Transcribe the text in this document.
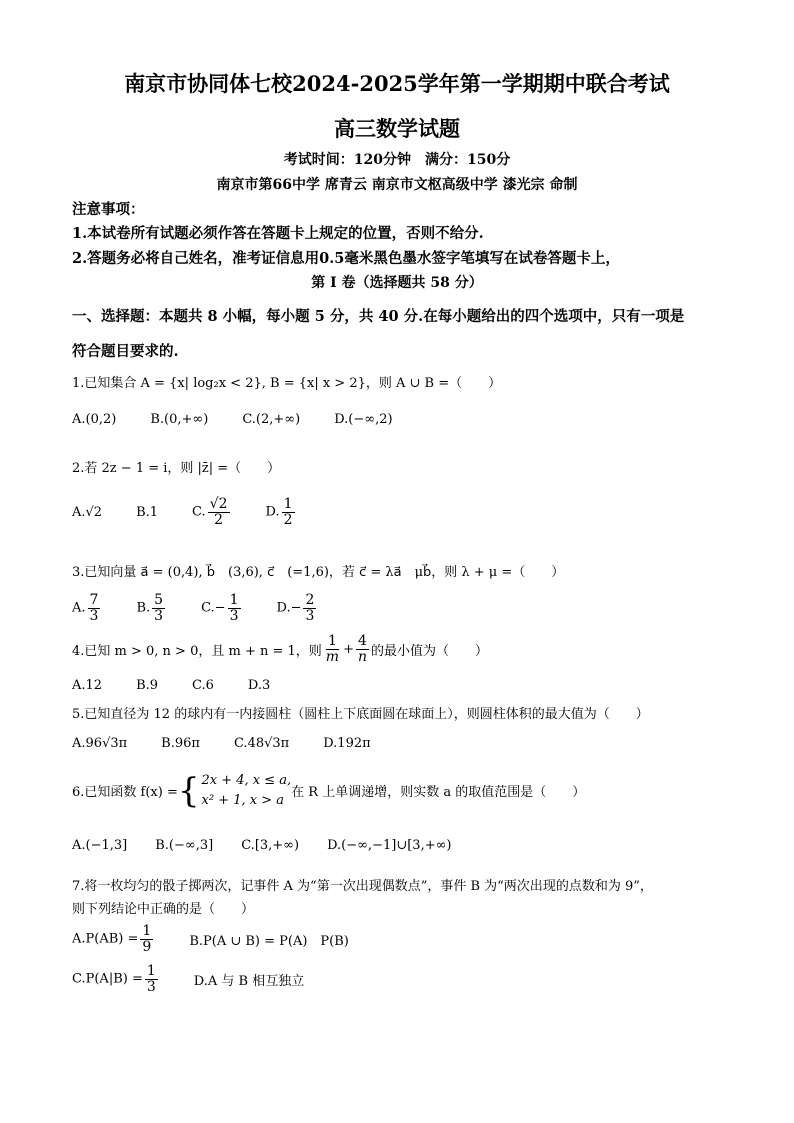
南京市协同体七校2024-2025学年第一学期期中联合考试
高三数学试题
考试时间：120分钟　满分：150分
南京市第66中学 席青云 南京市文枢高级中学 漆光宗 命制
注意事项：
1.本试卷所有试题必须作答在答题卡上规定的位置，否则不给分.
2.答题务必将自己姓名，准考证信息用0.5毫米黑色墨水签字笔填写在试卷答题卡上，
第 I 卷（选择题共 58 分）
一、选择题：本题共 8 小幅，每小题 5 分，共 40 分.在每小题给出的四个选项中，只有一项是
符合题目要求的.
1.已知集合 A = {x| log₂x < 2}, B = {x| x > 2}，则 A ∪ B =（　　）
A.(0,2)	B.(0,+∞)	C.(2,+∞)	D.(−∞,2)
2.若 2z − 1 = i，则 |z̄| =（　　）
A.√2	B.1	C. $\frac{√2}{2}$	D. $\frac{1}{2}$
3.已知向量 a⃗ = (0,4), b⃗　(3,6), c⃗　(=1,6)，若 c⃗ = λa⃗　μb⃗，则 λ + μ =（　　）
A. $\frac{7}{3}$	B. $\frac{5}{3}$	$C.- \frac{1}{3}$	$D.- \frac{2}{3}$
4.已知 m > 0, n > 0，且 m + n = 1，则 $\frac{1}{m} + \frac{4}{n}$ 的最小值为（　　）
A.12	B.9	C.6	D.3
5.已知直径为 12 的球内有一内接圆柱（圆柱上下底面圆在球面上），则圆柱体积的最大值为（　　）
A.96√3π	B.96π	C.48√3π	D.192π
6.已知函数 f(x) = { 2x + 4, x ≤ a,
x² + 1, x > a 在 R 上单调递增，则实数 a 的取值范围是（　　）
A.(−1,3] B.(−∞,3] C.[3,+∞) D.(−∞,−1]∪[3,+∞)
7.将一枚均匀的骰子掷两次，记事件 A 为“第一次出现偶数点”，事件 B 为“两次出现的点数和为 9”，
则下列结论中正确的是（　　）
$A.P(AB) = \frac{1}{9}$	B.P(A ∪ B) = P(A)　P(B)
$C.P(A|B) = \frac{1}{3}$	D.A 与 B 相互独立
